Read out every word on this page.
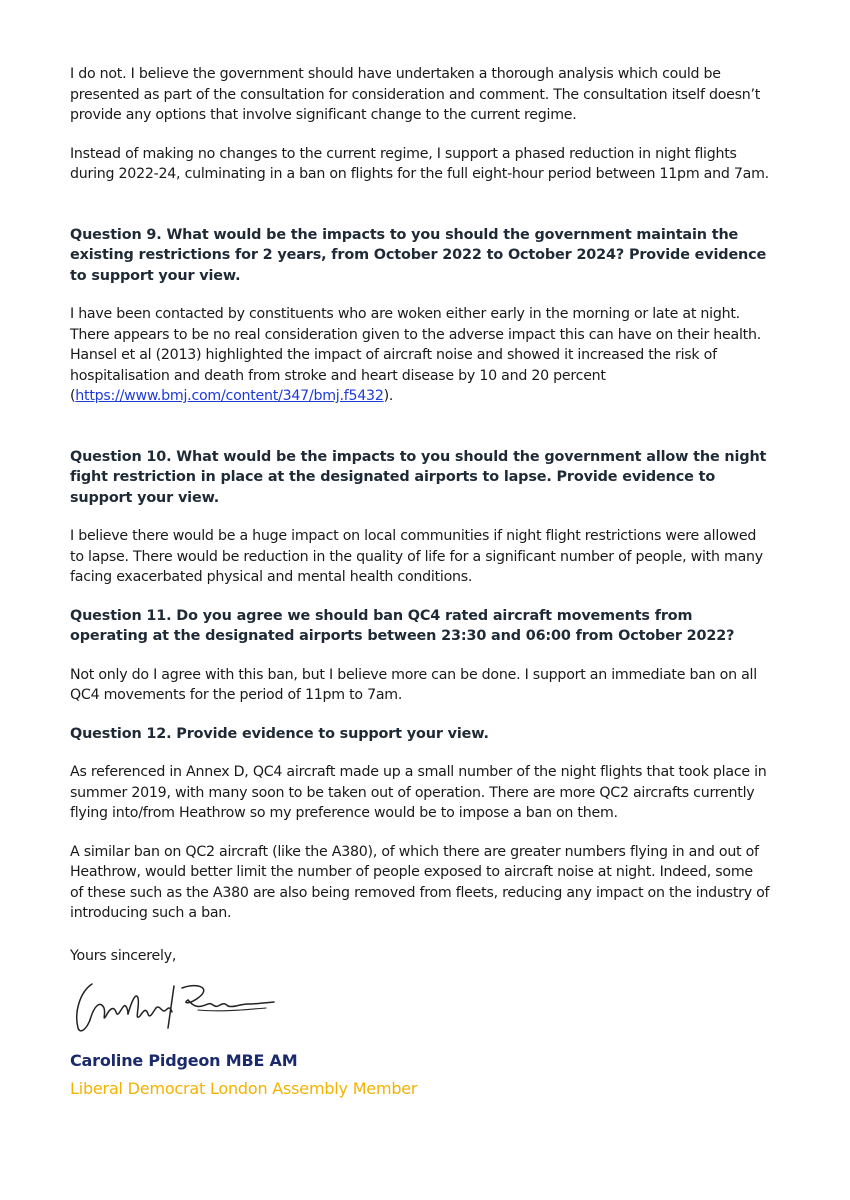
I do not. I believe the government should have undertaken a thorough analysis which could be presented as part of the consultation for consideration and comment. The consultation itself doesn’t provide any options that involve significant change to the current regime.

Instead of making no changes to the current regime, I support a phased reduction in night flights during 2022-24, culminating in a ban on flights for the full eight-hour period between 11pm and 7am.

Question 9. What would be the impacts to you should the government maintain the existing restrictions for 2 years, from October 2022 to October 2024? Provide evidence to support your view.

I have been contacted by constituents who are woken either early in the morning or late at night. There appears to be no real consideration given to the adverse impact this can have on their health. Hansel et al (2013) highlighted the impact of aircraft noise and showed it increased the risk of hospitalisation and death from stroke and heart disease by 10 and 20 percent (https://www.bmj.com/content/347/bmj.f5432).

Question 10. What would be the impacts to you should the government allow the night fight restriction in place at the designated airports to lapse. Provide evidence to support your view.

I believe there would be a huge impact on local communities if night flight restrictions were allowed to lapse. There would be reduction in the quality of life for a significant number of people, with many facing exacerbated physical and mental health conditions.

Question 11. Do you agree we should ban QC4 rated aircraft movements from operating at the designated airports between 23:30 and 06:00 from October 2022?

Not only do I agree with this ban, but I believe more can be done. I support an immediate ban on all QC4 movements for the period of 11pm to 7am.

Question 12. Provide evidence to support your view.

As referenced in Annex D, QC4 aircraft made up a small number of the night flights that took place in summer 2019, with many soon to be taken out of operation. There are more QC2 aircrafts currently flying into/from Heathrow so my preference would be to impose a ban on them.

A similar ban on QC2 aircraft (like the A380), of which there are greater numbers flying in and out of Heathrow, would better limit the number of people exposed to aircraft noise at night. Indeed, some of these such as the A380 are also being removed from fleets, reducing any impact on the industry of introducing such a ban.

Yours sincerely,

Caroline Pidgeon MBE AM
Liberal Democrat London Assembly Member
